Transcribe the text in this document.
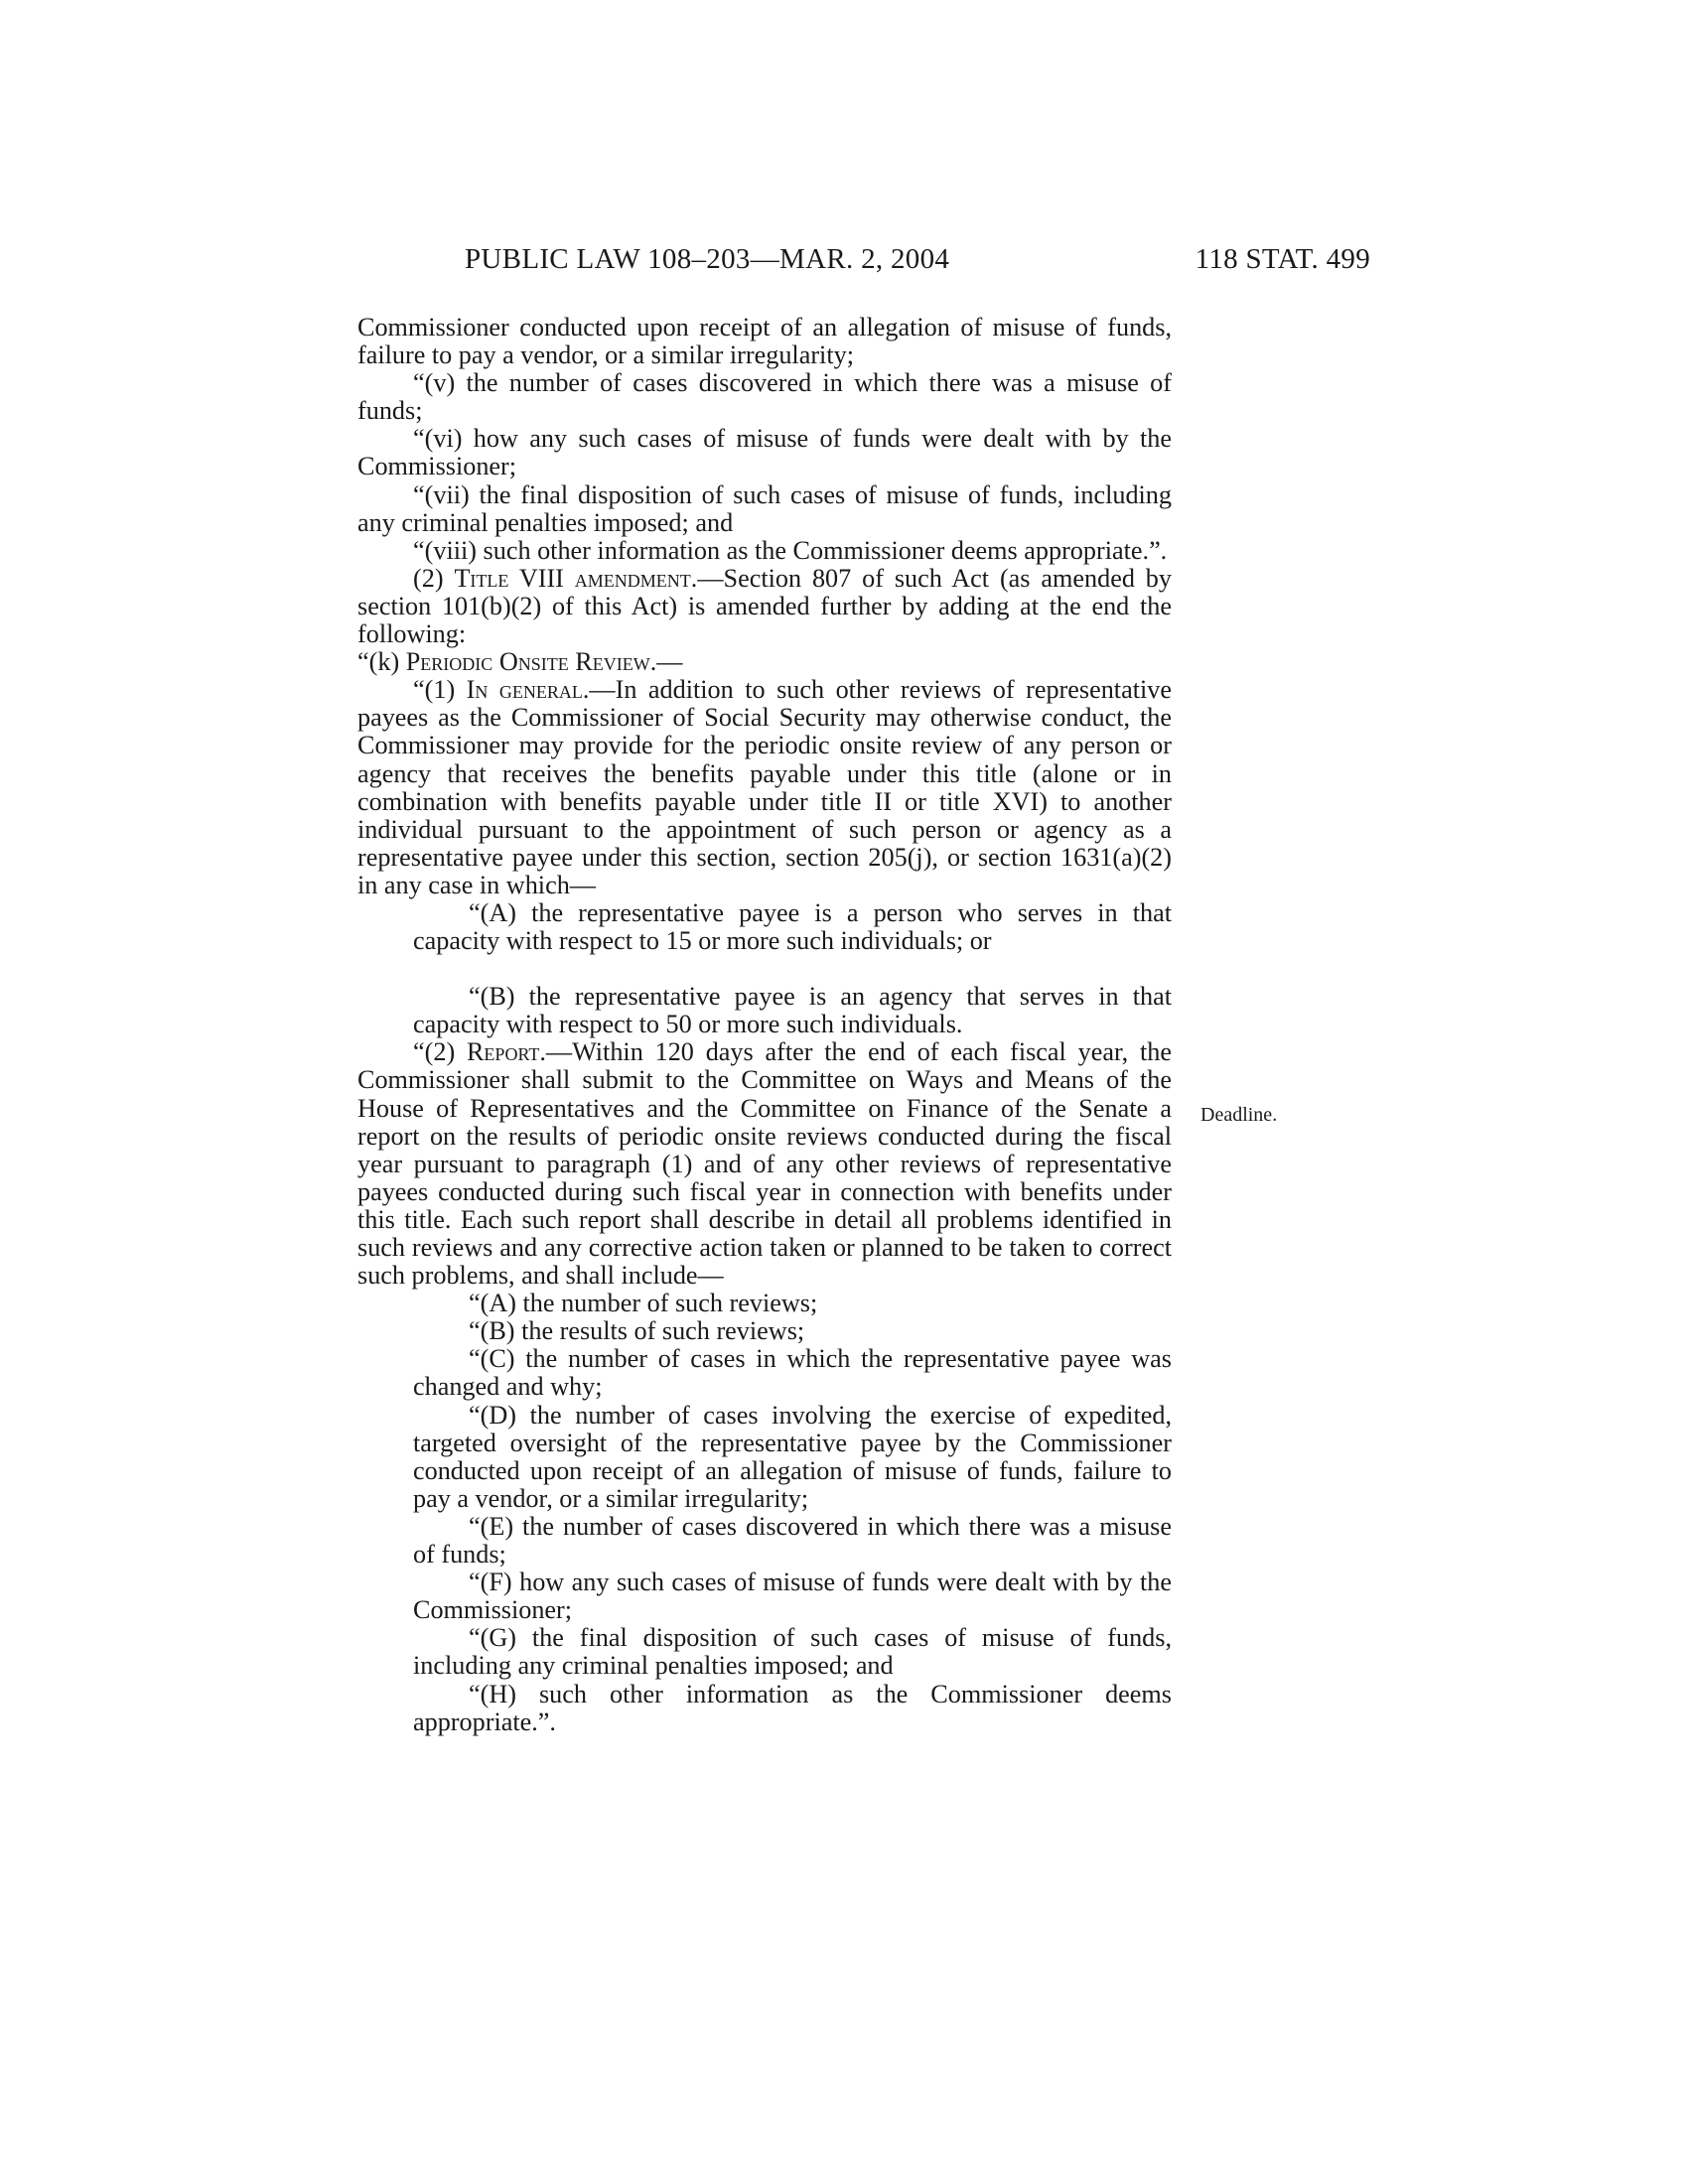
PUBLIC LAW 108–203—MAR. 2, 2004	118 STAT. 499
Deadline.

Commissioner conducted upon receipt of an allegation of misuse of funds, failure to pay a vendor, or a similar irregularity;

“(v) the number of cases discovered in which there was a misuse of funds;

“(vi) how any such cases of misuse of funds were dealt with by the Commissioner;

“(vii) the final disposition of such cases of misuse of funds, including any criminal penalties imposed; and

“(viii) such other information as the Commissioner deems appropriate.”.

(2) Title VIII amendment.—Section 807 of such Act (as amended by section 101(b)(2) of this Act) is amended further by adding at the end the following:

“(k) Periodic Onsite Review.—

“(1) In general.—In addition to such other reviews of representative payees as the Commissioner of Social Security may otherwise conduct, the Commissioner may provide for the periodic onsite review of any person or agency that receives the benefits payable under this title (alone or in combination with benefits payable under title II or title XVI) to another individual pursuant to the appointment of such person or agency as a representative payee under this section, section 205(j), or section 1631(a)(2) in any case in which—

“(A) the representative payee is a person who serves in that capacity with respect to 15 or more such individuals; or

“(B) the representative payee is an agency that serves in that capacity with respect to 50 or more such individuals.

“(2) Report.—Within 120 days after the end of each fiscal year, the Commissioner shall submit to the Committee on Ways and Means of the House of Representatives and the Committee on Finance of the Senate a report on the results of periodic onsite reviews conducted during the fiscal year pursuant to paragraph (1) and of any other reviews of representative payees conducted during such fiscal year in connection with benefits under this title. Each such report shall describe in detail all problems identified in such reviews and any corrective action taken or planned to be taken to correct such problems, and shall include—

“(A) the number of such reviews;

“(B) the results of such reviews;

“(C) the number of cases in which the representative payee was changed and why;

“(D) the number of cases involving the exercise of expedited, targeted oversight of the representative payee by the Commissioner conducted upon receipt of an allegation of misuse of funds, failure to pay a vendor, or a similar irregularity;

“(E) the number of cases discovered in which there was a misuse of funds;

“(F) how any such cases of misuse of funds were dealt with by the Commissioner;

“(G) the final disposition of such cases of misuse of funds, including any criminal penalties imposed; and

“(H) such other information as the Commissioner deems appropriate.”.
